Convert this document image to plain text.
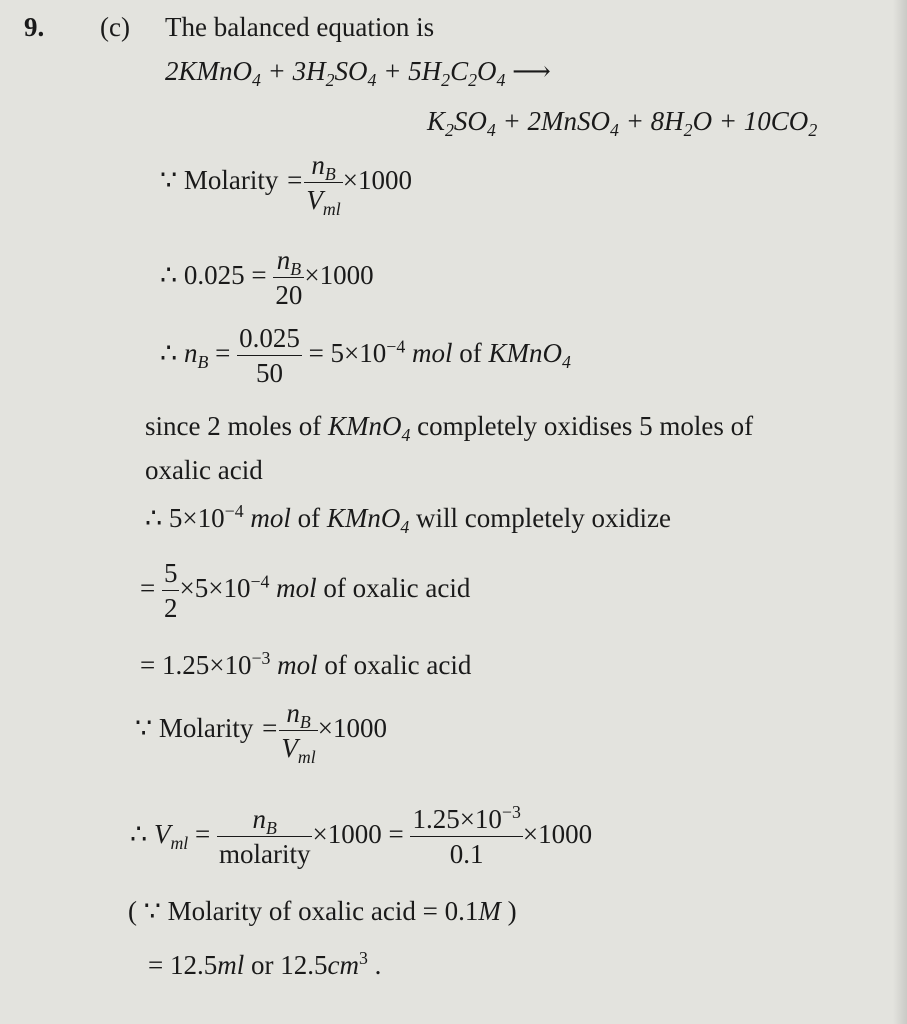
9. (c) The balanced equation is
2KMnO$_4$ + $3H_2SO_4 + 5H_2C_2O_4$ ⟶
$K_2SO_4$ + 2MnSO$_4$ + $8H_2O + 10CO_2$
∵ Molarity = $\frac{n_B}{V_{ml}} \times 1000$
∴ $0.025 = \frac{n_B}{20} \times 1000$
∴ $n_B = \frac{0.025}{50} = 5\times 10^{-4}$ mol of KMnO$_4$
since 2 moles of KMnO$_4$ completely oxidises 5 moles of
oxalic acid
∴ $5\times 10^{-4}$ mol of KMnO$_4$ will completely oxidize
= $\frac{5}{2} \times 5\times 10^{-4}$ mol of oxalic acid
= $1.25\times 10^{-3}$ mol of oxalic acid
∵ Molarity = $\frac{n_B}{V_{ml}} \times 1000$
∴ $V_{ml} = \frac{n_B}{\text{molarity}} \times 1000 = \frac{1.25\times 10^{-3}}{0.1} \times 1000$
( ∵ Molarity of oxalic acid = 0.1M )
= 12.5ml or $12.5cm^3$ .
